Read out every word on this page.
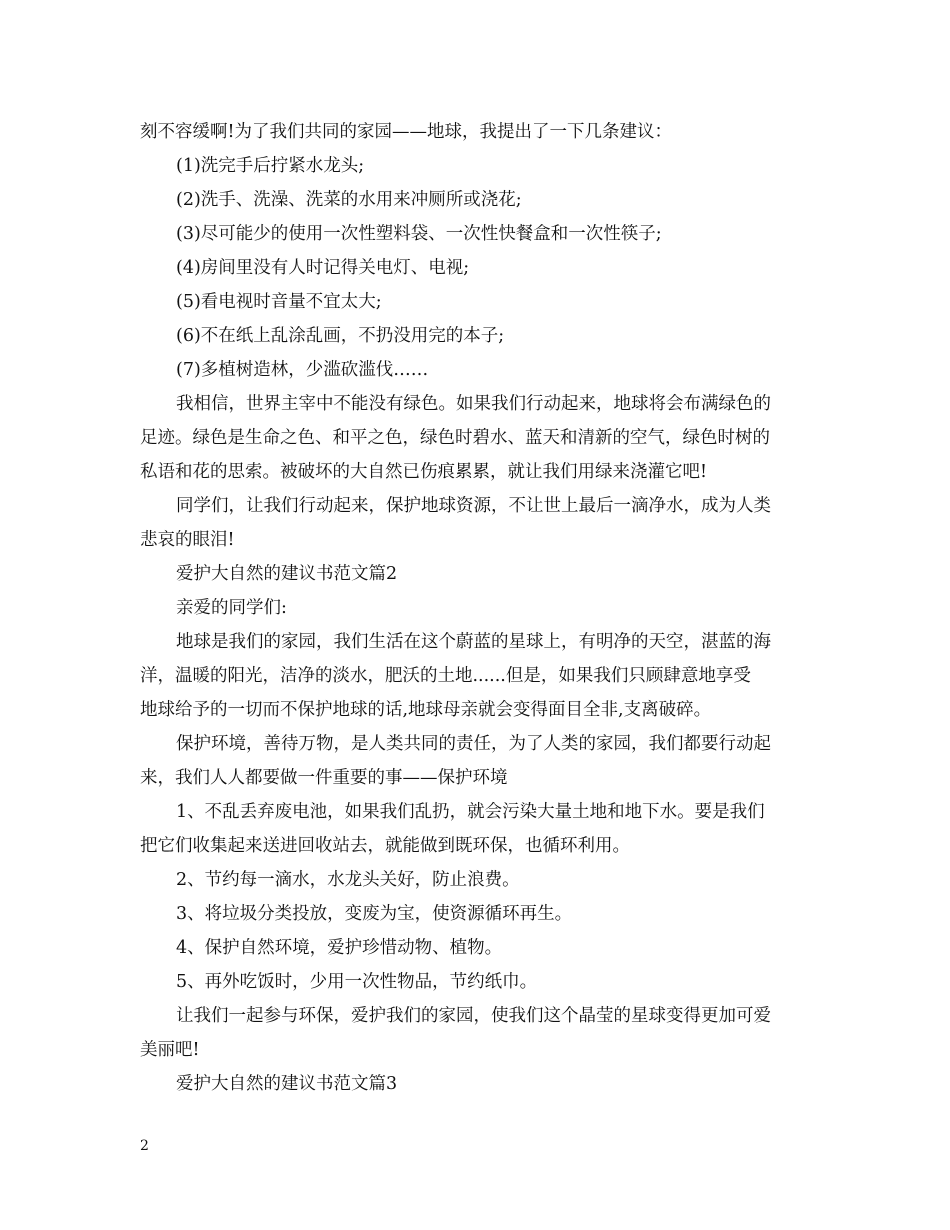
刻不容缓啊!为了我们共同的家园——地球，我提出了一下几条建议：
(1)洗完手后拧紧水龙头;
(2)洗手、洗澡、洗菜的水用来冲厕所或浇花;
(3)尽可能少的使用一次性塑料袋、一次性快餐盒和一次性筷子;
(4)房间里没有人时记得关电灯、电视;
(5)看电视时音量不宜太大;
(6)不在纸上乱涂乱画，不扔没用完的本子;
(7)多植树造林，少滥砍滥伐……
我相信，世界主宰中不能没有绿色。如果我们行动起来，地球将会布满绿色的
足迹。绿色是生命之色、和平之色，绿色时碧水、蓝天和清新的空气，绿色时树的
私语和花的思索。被破坏的大自然已伤痕累累，就让我们用绿来浇灌它吧!
同学们，让我们行动起来，保护地球资源，不让世上最后一滴净水，成为人类
悲哀的眼泪!
爱护大自然的建议书范文篇2
亲爱的同学们:
地球是我们的家园，我们生活在这个蔚蓝的星球上，有明净的天空，湛蓝的海
洋，温暖的阳光，洁净的淡水，肥沃的土地......但是，如果我们只顾肆意地享受
地球给予的一切而不保护地球的话,地球母亲就会变得面目全非,支离破碎。
保护环境，善待万物，是人类共同的责任，为了人类的家园，我们都要行动起
来，我们人人都要做一件重要的事——保护环境
1、不乱丢弃废电池，如果我们乱扔，就会污染大量土地和地下水。要是我们
把它们收集起来送进回收站去，就能做到既环保，也循环利用。
2、节约每一滴水，水龙头关好，防止浪费。
3、将垃圾分类投放，变废为宝，使资源循环再生。
4、保护自然环境，爱护珍惜动物、植物。
5、再外吃饭时，少用一次性物品，节约纸巾。
让我们一起参与环保，爱护我们的家园，使我们这个晶莹的星球变得更加可爱
美丽吧!
爱护大自然的建议书范文篇3
2
